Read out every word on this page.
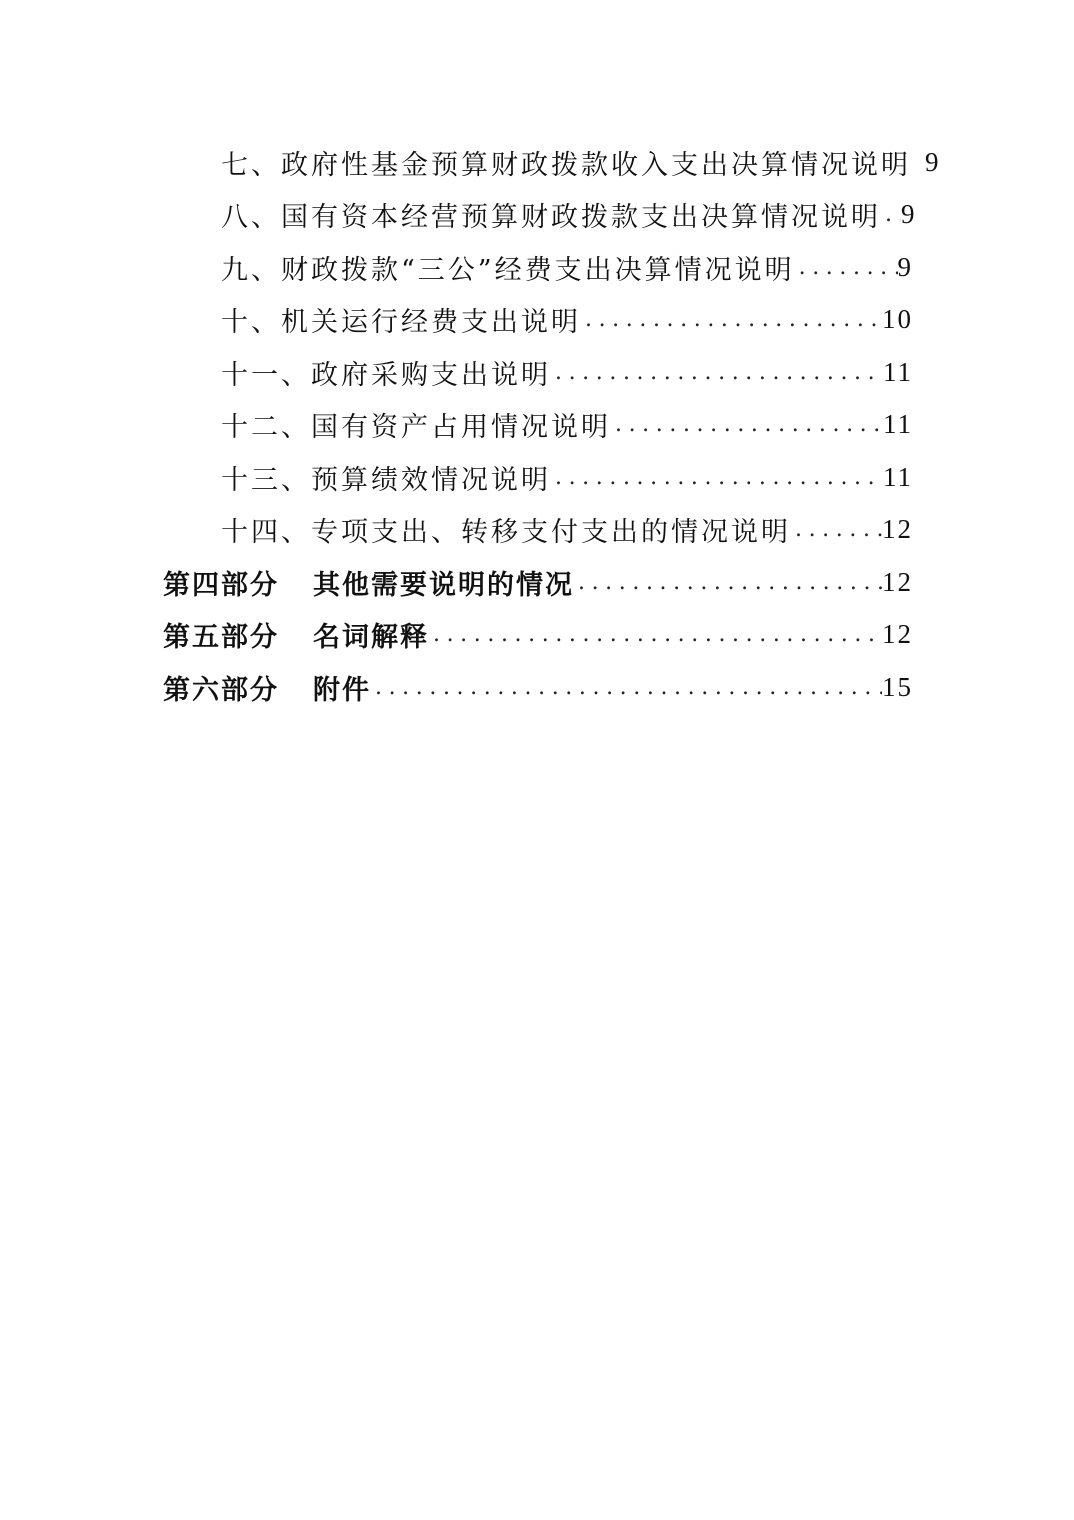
七、政府性基金预算财政拨款收入支出决算情况说明 9
八、国有资本经营预算财政拨款支出决算情况说明 ..... 9
九、财政拨款“三公”经费支出决算情况说明 .....	9
十、机关运行经费支出说明 .....	10
十一、政府采购支出说明 .....	11
十二、国有资产占用情况说明 .....	11
十三、预算绩效情况说明 .....	11
十四、专项支出、转移支付支出的情况说明 .....	12
第四部分 其他需要说明的情况 .....	12
第五部分 名词解释 .....	12
第六部分 附件 .....	15
